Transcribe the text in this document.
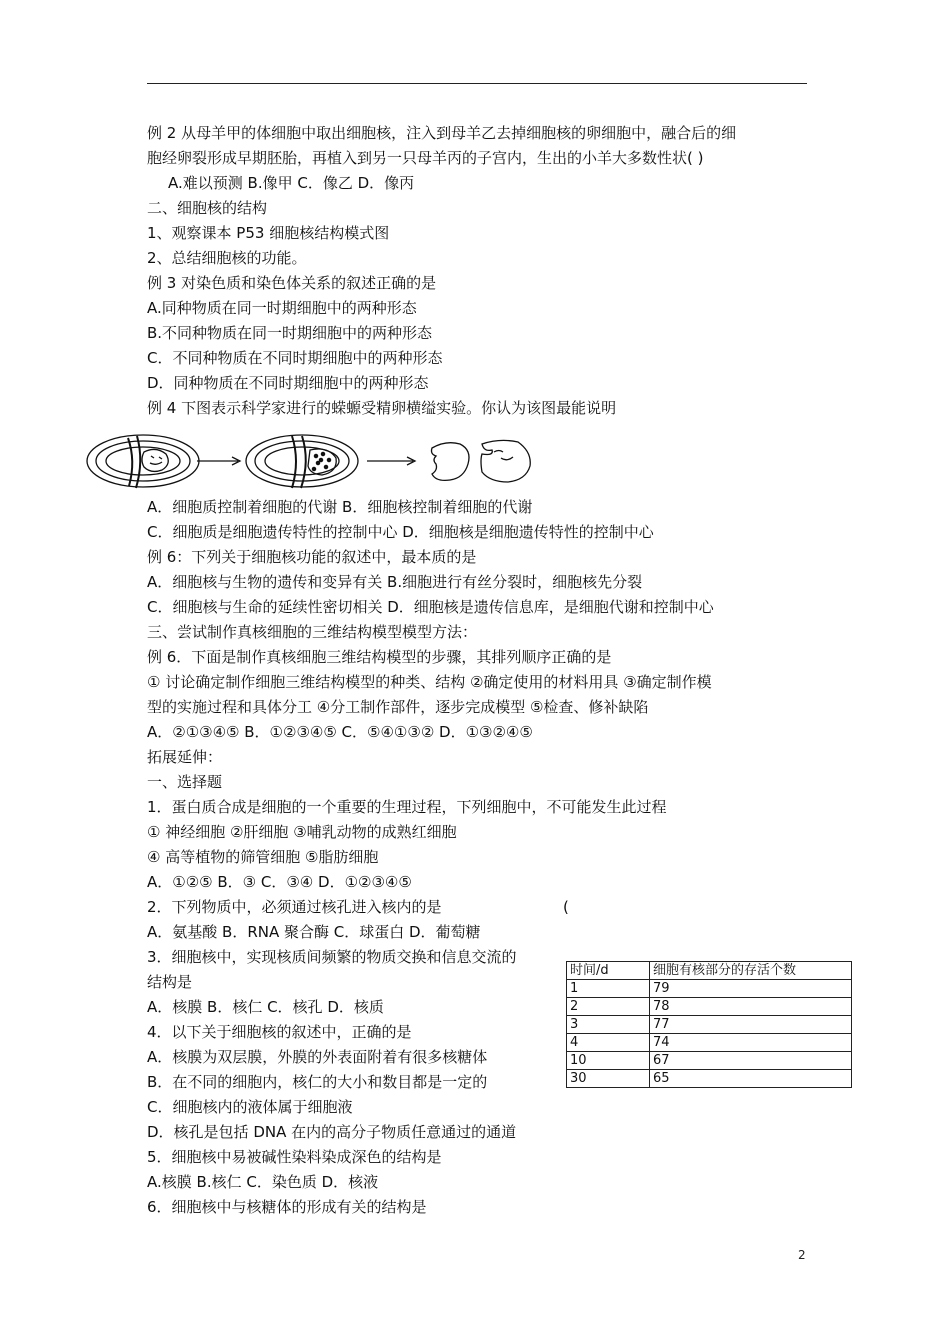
例 2 从母羊甲的体细胞中取出细胞核，注入到母羊乙去掉细胞核的卵细胞中，融合后的细
胞经卵裂形成早期胚胎，再植入到另一只母羊丙的子宫内，生出的小羊大多数性状( )
A.难以预测 B.像甲 C．像乙 D．像丙
二、细胞核的结构
1、观察课本 P53 细胞核结构模式图
2、总结细胞核的功能。
例 3 对染色质和染色体关系的叙述正确的是
A.同种物质在同一时期细胞中的两种形态
B.不同种物质在同一时期细胞中的两种形态
C．不同种物质在不同时期细胞中的两种形态
D．同种物质在不同时期细胞中的两种形态
例 4 下图表示科学家进行的蝾螈受精卵横缢实验。你认为该图最能说明
A．细胞质控制着细胞的代谢 B．细胞核控制着细胞的代谢
C．细胞质是细胞遗传特性的控制中心 D．细胞核是细胞遗传特性的控制中心
例 6：下列关于细胞核功能的叙述中，最本质的是
A．细胞核与生物的遗传和变异有关 B.细胞进行有丝分裂时，细胞核先分裂
C．细胞核与生命的延续性密切相关 D．细胞核是遗传信息库，是细胞代谢和控制中心
三、尝试制作真核细胞的三维结构模型模型方法：
例 6．下面是制作真核细胞三维结构模型的步骤，其排列顺序正确的是
① 讨论确定制作细胞三维结构模型的种类、结构 ②确定使用的材料用具 ③确定制作模
型的实施过程和具体分工 ④分工制作部件，逐步完成模型 ⑤检查、修补缺陷
A．②①③④⑤ B．①②③④⑤ C．⑤④①③② D．①③②④⑤
拓展延伸：
一、选择题
1．蛋白质合成是细胞的一个重要的生理过程，下列细胞中，不可能发生此过程
① 神经细胞 ②肝细胞 ③哺乳动物的成熟红细胞
④ 高等植物的筛管细胞 ⑤脂肪细胞
A．①②⑤ B．③ C．③④ D．①②③④⑤
2．下列物质中，必须通过核孔进入核内的是
A．氨基酸 B．RNA 聚合酶 C．球蛋白 D．葡萄糖
3．细胞核中，实现核质间频繁的物质交换和信息交流的
结构是
A．核膜 B．核仁 C．核孔 D．核质
4．以下关于细胞核的叙述中，正确的是
A．核膜为双层膜，外膜的外表面附着有很多核糖体
B．在不同的细胞内，核仁的大小和数目都是一定的
C．细胞核内的液体属于细胞液
D．核孔是包括 DNA 在内的高分子物质任意通过的通道
5．细胞核中易被碱性染料染成深色的结构是
A.核膜 B.核仁 C．染色质 D．核液
6．细胞核中与核糖体的形成有关的结构是
(
时间/d	细胞有核部分的存活个数
1	79
2	78
3	77
4	74
10	67
30	65
2
